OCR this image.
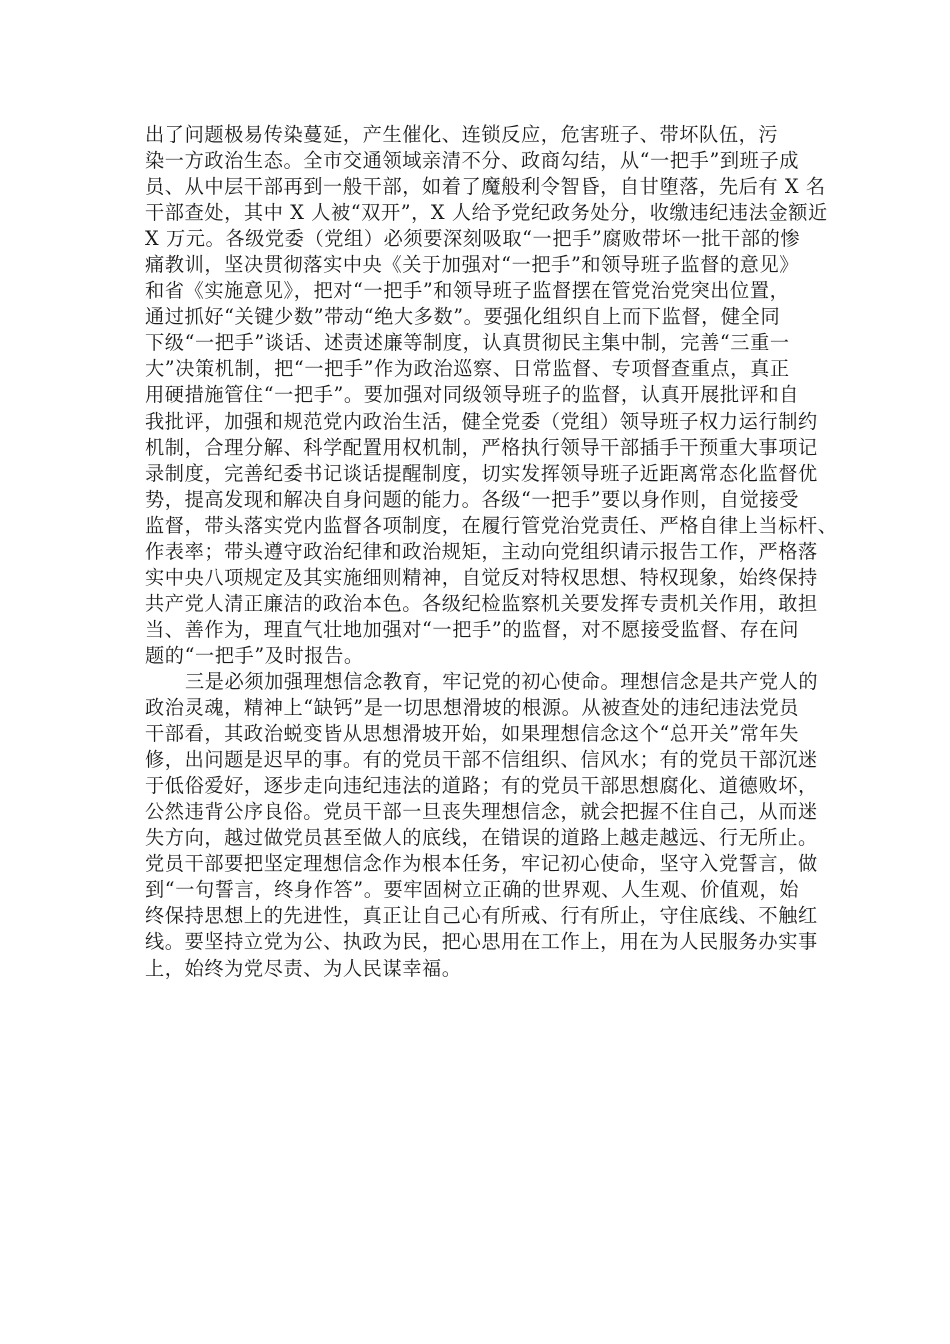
出了问题极易传染蔓延，产生催化、连锁反应，危害班子、带坏队伍，污
染一方政治生态。全市交通领域亲清不分、政商勾结，从“一把手”到班子成
员、从中层干部再到一般干部，如着了魔般利令智昏，自甘堕落，先后有 X 名
干部查处，其中 X 人被“双开”，X 人给予党纪政务处分，收缴违纪违法金额近
X 万元。各级党委（党组）必须要深刻吸取“一把手”腐败带坏一批干部的惨
痛教训，坚决贯彻落实中央《关于加强对“一把手”和领导班子监督的意见》
和省《实施意见》，把对“一把手”和领导班子监督摆在管党治党突出位置，
通过抓好“关键少数”带动“绝大多数”。要强化组织自上而下监督，健全同
下级“一把手”谈话、述责述廉等制度，认真贯彻民主集中制，完善“三重一
大”决策机制，把“一把手”作为政治巡察、日常监督、专项督查重点，真正
用硬措施管住“一把手”。要加强对同级领导班子的监督，认真开展批评和自
我批评，加强和规范党内政治生活，健全党委（党组）领导班子权力运行制约
机制，合理分解、科学配置用权机制，严格执行领导干部插手干预重大事项记
录制度，完善纪委书记谈话提醒制度，切实发挥领导班子近距离常态化监督优
势，提高发现和解决自身问题的能力。各级“一把手”要以身作则，自觉接受
监督，带头落实党内监督各项制度，在履行管党治党责任、严格自律上当标杆、
作表率；带头遵守政治纪律和政治规矩，主动向党组织请示报告工作，严格落
实中央八项规定及其实施细则精神，自觉反对特权思想、特权现象，始终保持
共产党人清正廉洁的政治本色。各级纪检监察机关要发挥专责机关作用，敢担
当、善作为，理直气壮地加强对“一把手”的监督，对不愿接受监督、存在问
题的“一把手”及时报告。
三是必须加强理想信念教育，牢记党的初心使命。理想信念是共产党人的
政治灵魂，精神上“缺钙”是一切思想滑坡的根源。从被查处的违纪违法党员
干部看，其政治蜕变皆从思想滑坡开始，如果理想信念这个“总开关”常年失
修，出问题是迟早的事。有的党员干部不信组织、信风水；有的党员干部沉迷
于低俗爱好，逐步走向违纪违法的道路；有的党员干部思想腐化、道德败坏，
公然违背公序良俗。党员干部一旦丧失理想信念，就会把握不住自己，从而迷
失方向，越过做党员甚至做人的底线，在错误的道路上越走越远、行无所止。
党员干部要把坚定理想信念作为根本任务，牢记初心使命，坚守入党誓言，做
到“一句誓言，终身作答”。要牢固树立正确的世界观、人生观、价值观，始
终保持思想上的先进性，真正让自己心有所戒、行有所止，守住底线、不触红
线。要坚持立党为公、执政为民，把心思用在工作上，用在为人民服务办实事
上，始终为党尽责、为人民谋幸福。
